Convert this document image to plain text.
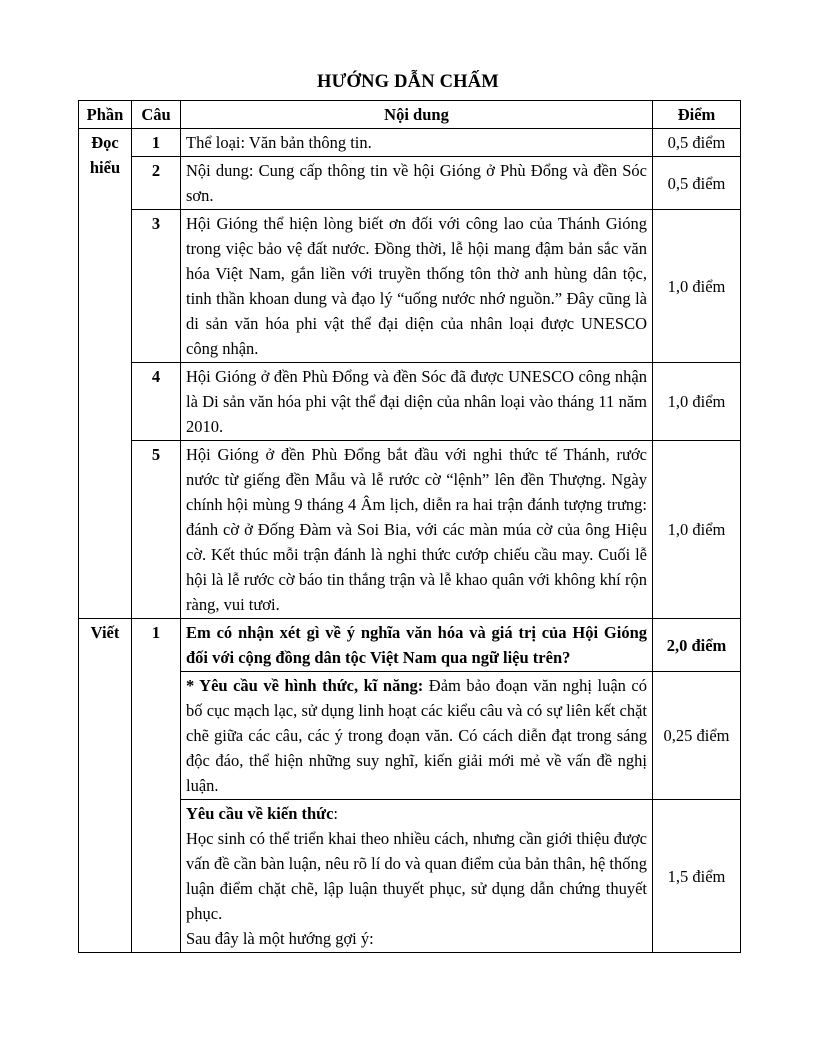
HƯỚNG DẪN CHẤM
Phần	Câu	Nội dung	Điểm
Đọc hiểu	1	Thể loại: Văn bản thông tin.	0,5 điểm
	2	Nội dung: Cung cấp thông tin về hội Gióng ở Phù Đổng và đền Sóc sơn.	0,5 điểm
	3	Hội Gióng thể hiện lòng biết ơn đối với công lao của Thánh Gióng trong việc bảo vệ đất nước. Đồng thời, lễ hội mang đậm bản sắc văn hóa Việt Nam, gắn liền với truyền thống tôn thờ anh hùng dân tộc, tinh thần khoan dung và đạo lý “uống nước nhớ nguồn.” Đây cũng là di sản văn hóa phi vật thể đại diện của nhân loại được UNESCO công nhận.	1,0 điểm
	4	Hội Gióng ở đền Phù Đổng và đền Sóc đã được UNESCO công nhận là Di sản văn hóa phi vật thể đại diện của nhân loại vào tháng 11 năm 2010.	1,0 điểm
	5	Hội Gióng ở đền Phù Đổng bắt đầu với nghi thức tế Thánh, rước nước từ giếng đền Mẫu và lễ rước cờ “lệnh” lên đền Thượng. Ngày chính hội mùng 9 tháng 4 Âm lịch, diễn ra hai trận đánh tượng trưng: đánh cờ ở Đống Đàm và Soi Bia, với các màn múa cờ của ông Hiệu cờ. Kết thúc mỗi trận đánh là nghi thức cướp chiếu cầu may. Cuối lễ hội là lễ rước cờ báo tin thắng trận và lễ khao quân với không khí rộn ràng, vui tươi.	1,0 điểm
Viết	1	Em có nhận xét gì về ý nghĩa văn hóa và giá trị của Hội Gióng đối với cộng đồng dân tộc Việt Nam qua ngữ liệu trên?	2,0 điểm
		* Yêu cầu về hình thức, kĩ năng: Đảm bảo đoạn văn nghị luận có bố cục mạch lạc, sử dụng linh hoạt các kiểu câu và có sự liên kết chặt chẽ giữa các câu, các ý trong đoạn văn. Có cách diễn đạt trong sáng độc đáo, thể hiện những suy nghĩ, kiến giải mới mẻ về vấn đề nghị luận.	0,25 điểm

		Yêu cầu về kiến thức:
Học sinh có thể triển khai theo nhiều cách, nhưng cần giới thiệu được vấn đề cần bàn luận, nêu rõ lí do và quan điểm của bản thân, hệ thống luận điểm chặt chẽ, lập luận thuyết phục, sử dụng dẫn chứng thuyết phục.
Sau đây là một hướng gợi ý:	1,5 điểm
